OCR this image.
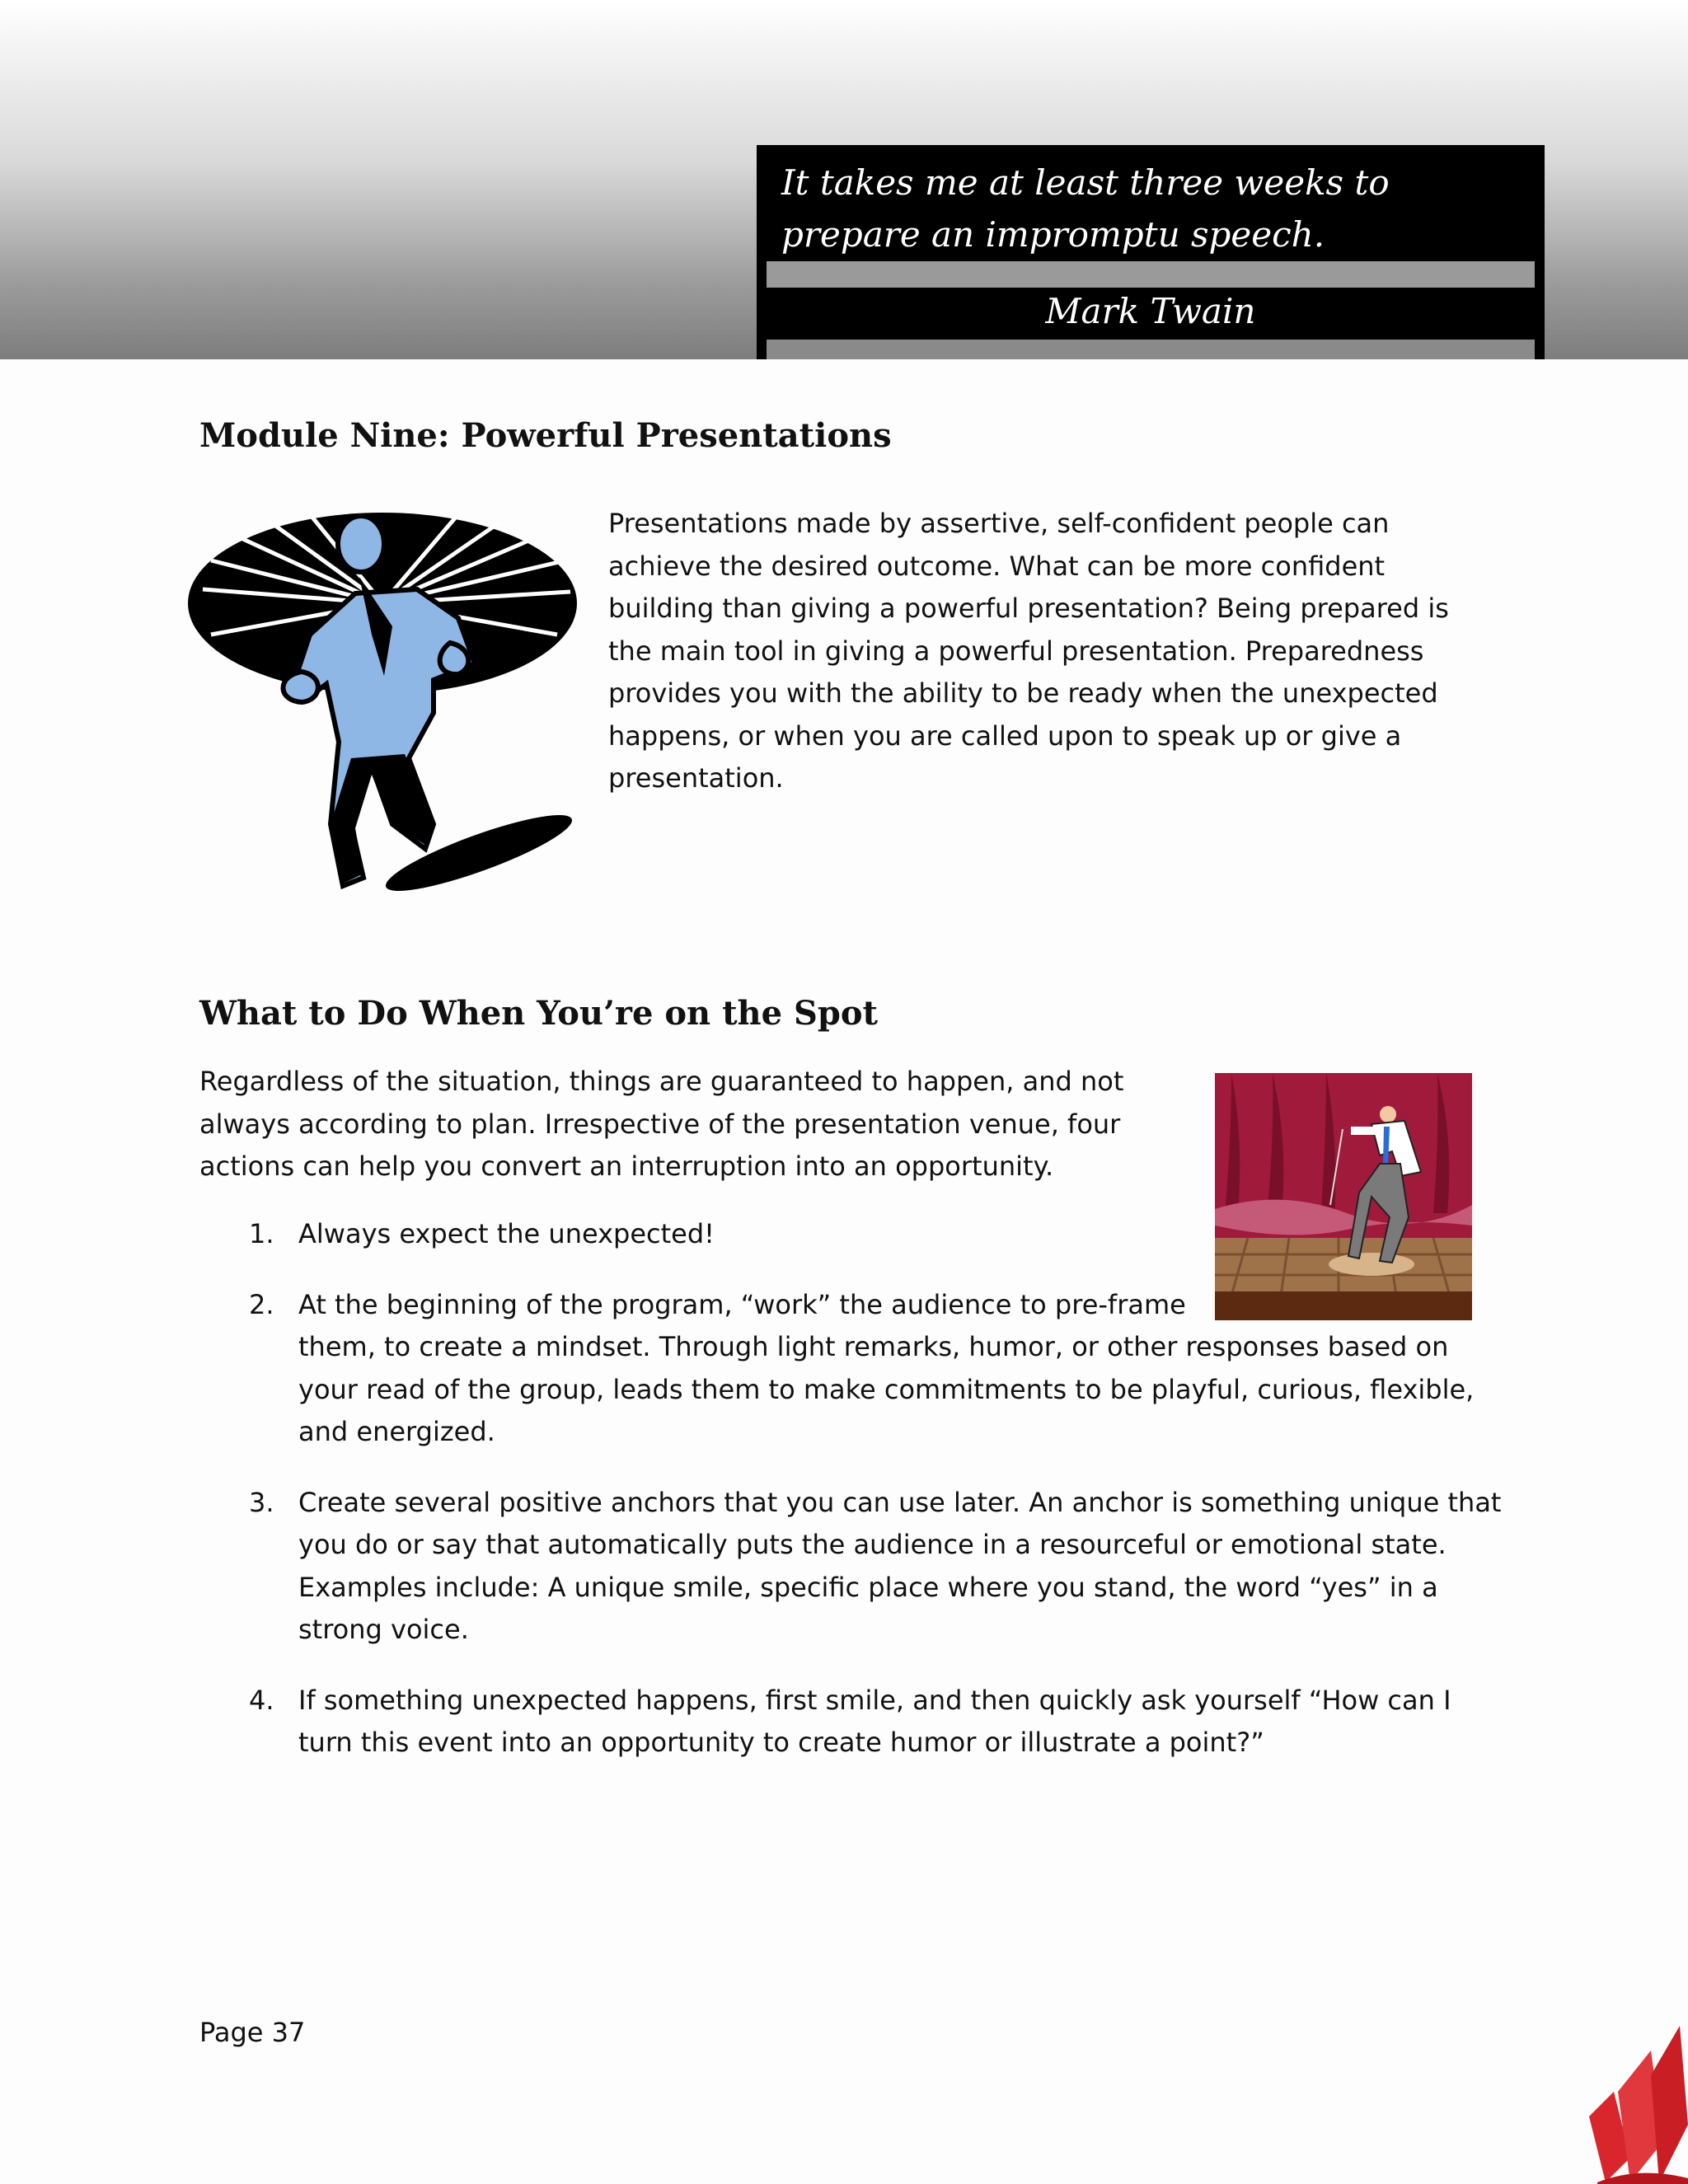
It takes me at least three weeks to prepare an impromptu speech.
Mark Twain
Module Nine: Powerful Presentations

Presentations made by assertive, self-confident people can achieve the desired outcome. What can be more confident building than giving a powerful presentation? Being prepared is the main tool in giving a powerful presentation. Preparedness provides you with the ability to be ready when the unexpected happens, or when you are called upon to speak up or give a presentation.

What to Do When You’re on the Spot

Regardless of the situation, things are guaranteed to happen, and not always according to plan. Irrespective of the presentation venue, four actions can help you convert an interruption into an opportunity.

1. Always expect the unexpected!
2. At the beginning of the program, “work” the audience to pre-frame them, to create a mindset. Through light remarks, humor, or other responses based on your read of the group, leads them to make commitments to be playful, curious, flexible, and energized.
3. Create several positive anchors that you can use later. An anchor is something unique that you do or say that automatically puts the audience in a resourceful or emotional state. Examples include: A unique smile, specific place where you stand, the word “yes” in a strong voice.
4. If something unexpected happens, first smile, and then quickly ask yourself “How can I turn this event into an opportunity to create humor or illustrate a point?”
Page 37
